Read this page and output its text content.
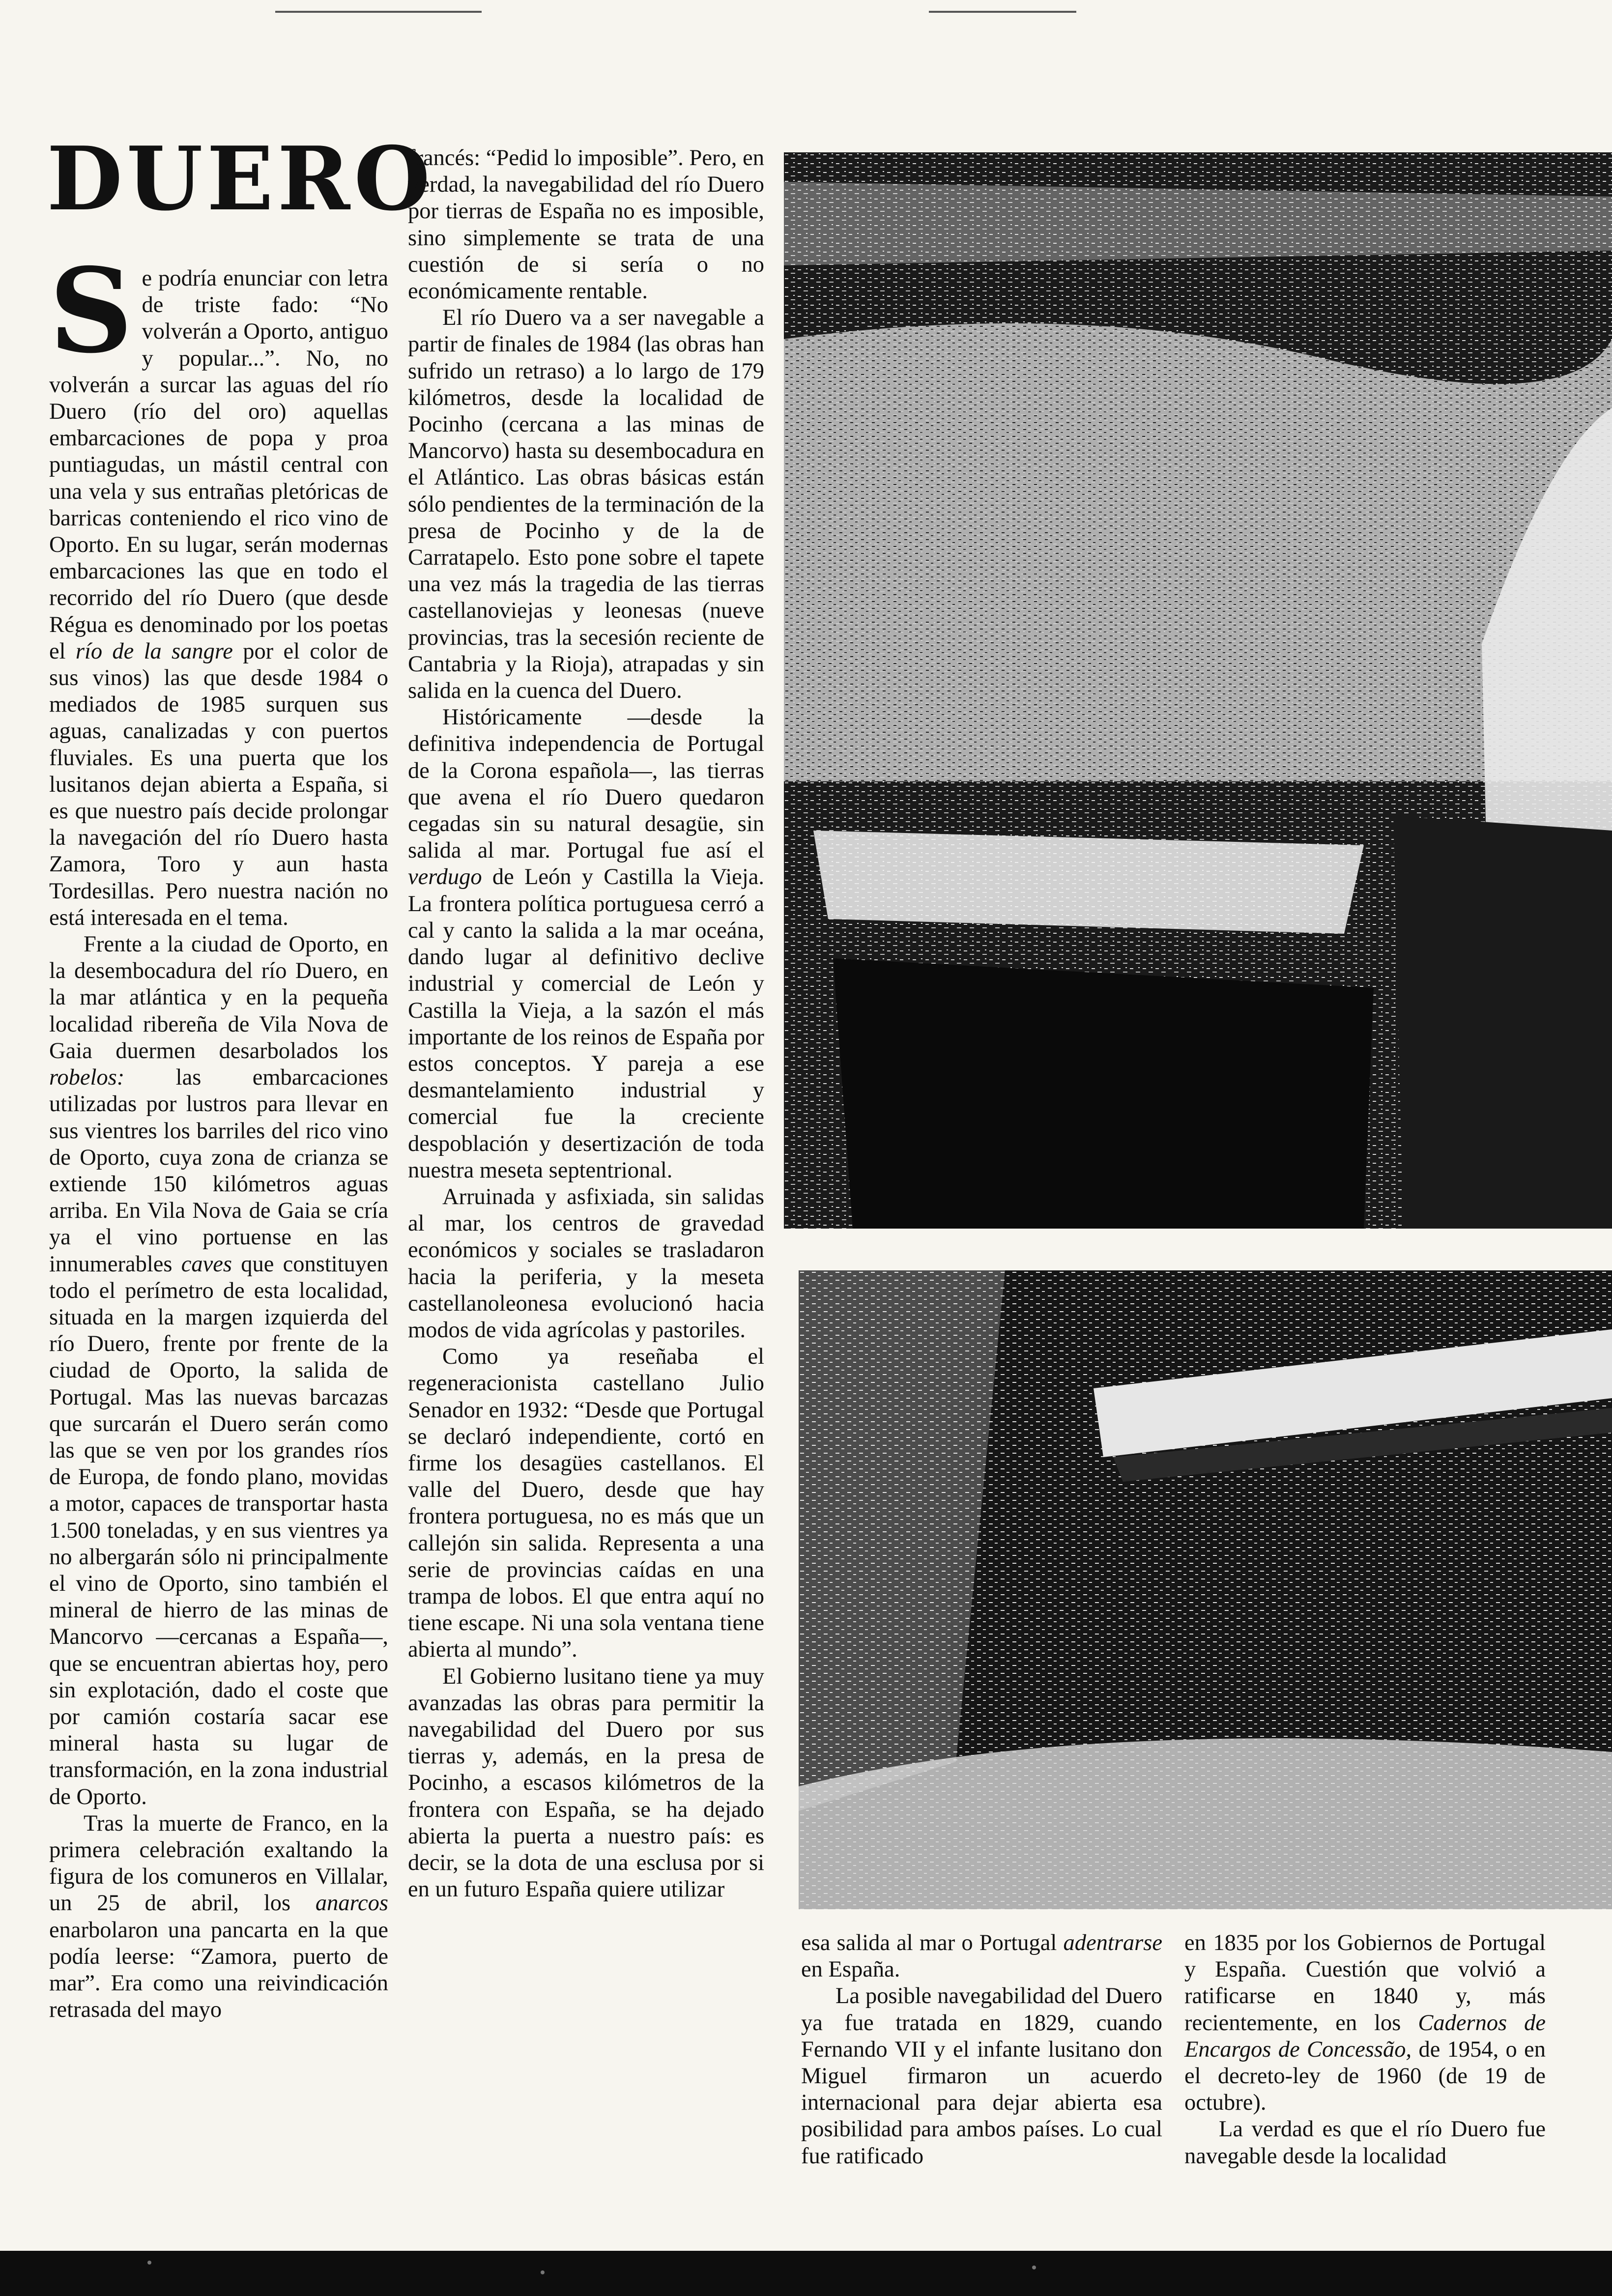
DUERO

Se podría enunciar con letra de triste fado: “No volverán a Oporto, antiguo y popular...”. No, no volverán a surcar las aguas del río Duero (río del oro) aquellas embarcaciones de popa y proa puntiagudas, un mástil central con una vela y sus entrañas pletóricas de barricas conteniendo el rico vino de Oporto. En su lugar, serán modernas embarcaciones las que en todo el recorrido del río Duero (que desde Régua es denominado por los poetas el río de la sangre por el color de sus vinos) las que desde 1984 o mediados de 1985 surquen sus aguas, canalizadas y con puertos fluviales. Es una puerta que los lusitanos dejan abierta a España, si es que nuestro país decide prolongar la navegación del río Duero hasta Zamora, Toro y aun hasta Tordesillas. Pero nuestra nación no está interesada en el tema.

Frente a la ciudad de Oporto, en la desembocadura del río Duero, en la mar atlántica y en la pequeña localidad ribereña de Vila Nova de Gaia duermen desarbolados los robelos: las embarcaciones utilizadas por lustros para llevar en sus vientres los barriles del rico vino de Oporto, cuya zona de crianza se extiende 150 kilómetros aguas arriba. En Vila Nova de Gaia se cría ya el vino portuense en las innumerables caves que constituyen todo el perímetro de esta localidad, situada en la margen izquierda del río Duero, frente por frente de la ciudad de Oporto, la salida de Portugal. Mas las nuevas barcazas que surcarán el Duero serán como las que se ven por los grandes ríos de Europa, de fondo plano, movidas a motor, capaces de transportar hasta 1.500 toneladas, y en sus vientres ya no albergarán sólo ni principalmente el vino de Oporto, sino también el mineral de hierro de las minas de Mancorvo —cercanas a España—, que se encuentran abiertas hoy, pero sin explotación, dado el coste que por camión costaría sacar ese mineral hasta su lugar de transformación, en la zona industrial de Oporto.

Tras la muerte de Franco, en la primera celebración exaltando la figura de los comuneros en Villalar, un 25 de abril, los anarcos enarbolaron una pancarta en la que podía leerse: “Zamora, puerto de mar”. Era como una reivindicación retrasada del mayo

francés: “Pedid lo imposible”. Pero, en verdad, la navegabilidad del río Duero por tierras de España no es imposible, sino simplemente se trata de una cuestión de si sería o no económicamente rentable.

El río Duero va a ser navegable a partir de finales de 1984 (las obras han sufrido un retraso) a lo largo de 179 kilómetros, desde la localidad de Pocinho (cercana a las minas de Mancorvo) hasta su desembocadura en el Atlántico. Las obras básicas están sólo pendientes de la terminación de la presa de Pocinho y de la de Carratapelo. Esto pone sobre el tapete una vez más la tragedia de las tierras castellanoviejas y leonesas (nueve provincias, tras la secesión reciente de Cantabria y la Rioja), atrapadas y sin salida en la cuenca del Duero.

Históricamente —desde la definitiva independencia de Portugal de la Corona española—, las tierras que avena el río Duero quedaron cegadas sin su natural desagüe, sin salida al mar. Portugal fue así el verdugo de León y Castilla la Vieja. La frontera política portuguesa cerró a cal y canto la salida a la mar oceána, dando lugar al definitivo declive industrial y comercial de León y Castilla la Vieja, a la sazón el más importante de los reinos de España por estos conceptos. Y pareja a ese desmantelamiento industrial y comercial fue la creciente despoblación y desertización de toda nuestra meseta septentrional.

Arruinada y asfixiada, sin salidas al mar, los centros de gravedad económicos y sociales se trasladaron hacia la periferia, y la meseta castellanoleonesa evolucionó hacia modos de vida agrícolas y pastoriles.

Como ya reseñaba el regeneracionista castellano Julio Senador en 1932: “Desde que Portugal se declaró independiente, cortó en firme los desagües castellanos. El valle del Duero, desde que hay frontera portuguesa, no es más que un callejón sin salida. Representa a una serie de provincias caídas en una trampa de lobos. El que entra aquí no tiene escape. Ni una sola ventana tiene abierta al mundo”.

El Gobierno lusitano tiene ya muy avanzadas las obras para permitir la navegabilidad del Duero por sus tierras y, además, en la presa de Pocinho, a escasos kilómetros de la frontera con España, se ha dejado abierta la puerta a nuestro país: es decir, se la dota de una esclusa por si en un futuro España quiere utilizar

esa salida al mar o Portugal adentrarse en España.

La posible navegabilidad del Duero ya fue tratada en 1829, cuando Fernando VII y el infante lusitano don Miguel firmaron un acuerdo internacional para dejar abierta esa posibilidad para ambos países. Lo cual fue ratificado

en 1835 por los Gobiernos de Portugal y España. Cuestión que volvió a ratificarse en 1840 y, más recientemente, en los Cadernos de Encargos de Concessão, de 1954, o en el decreto-ley de 1960 (de 19 de octubre).

La verdad es que el río Duero fue navegable desde la localidad
